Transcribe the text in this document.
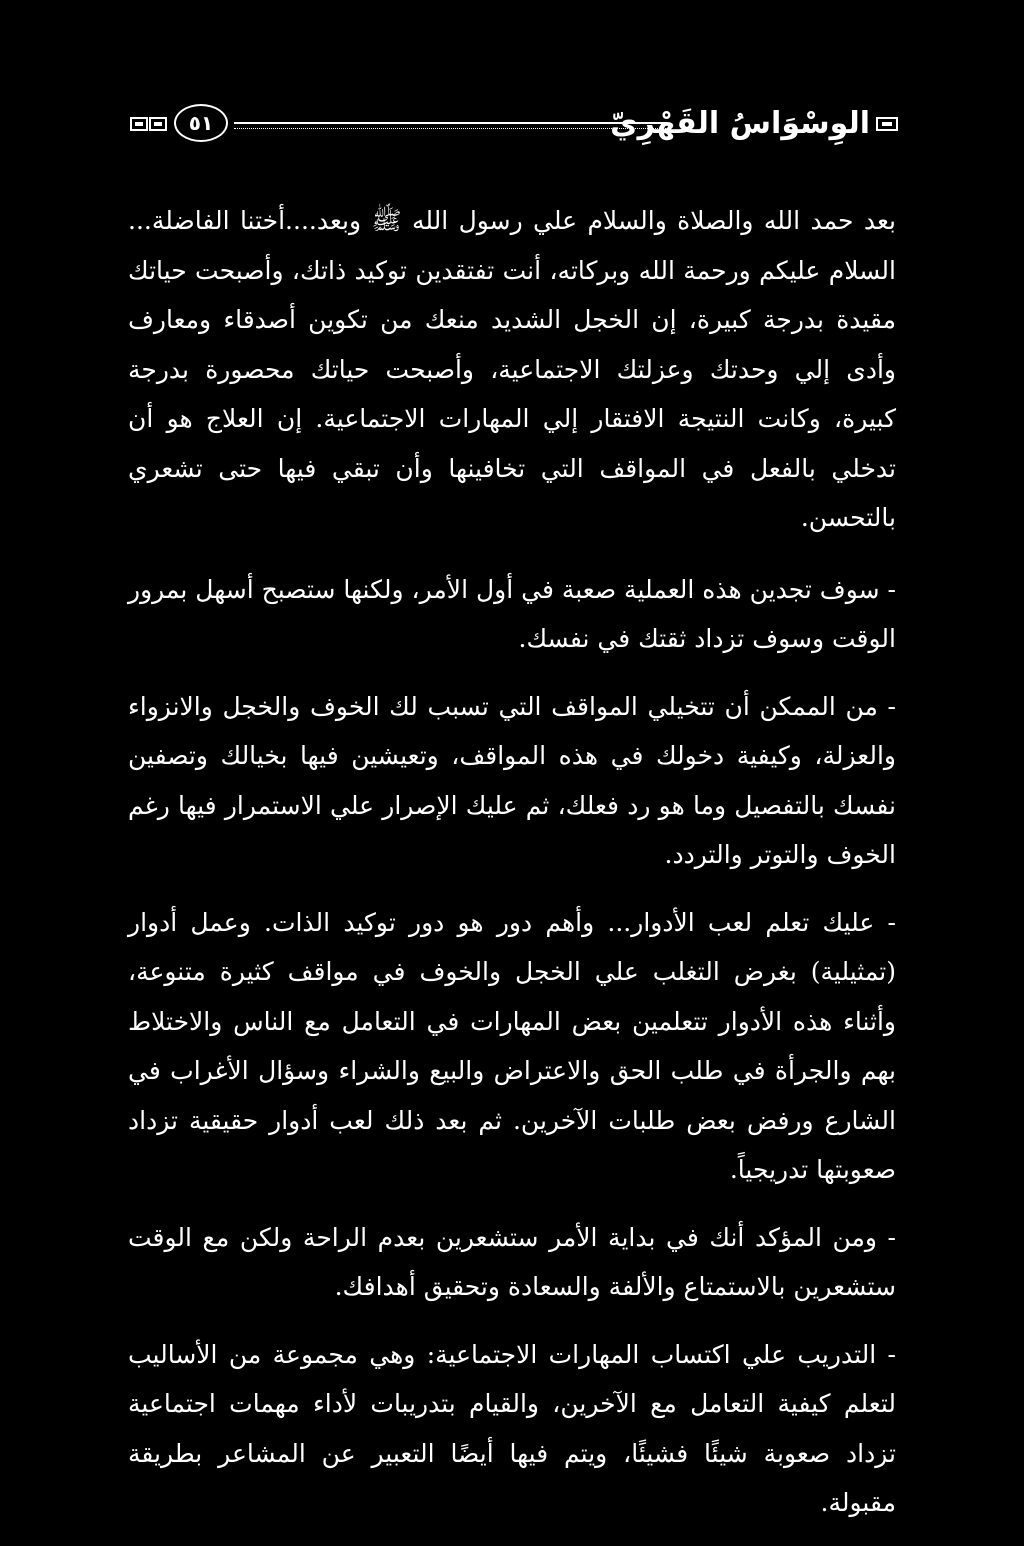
الوِسْوَاسُ القَهْرِيّ
٥١

بعد حمد الله والصلاة والسلام علي رسول الله ﷺ وبعد....أختنا الفاضلة... السلام عليكم ورحمة الله وبركاته، أنت تفتقدين توكيد ذاتك، وأصبحت حياتك مقيدة بدرجة كبيرة، إن الخجل الشديد منعك من تكوين أصدقاء ومعارف وأدى إلي وحدتك وعزلتك الاجتماعية، وأصبحت حياتك محصورة بدرجة كبيرة، وكانت النتيجة الافتقار إلي المهارات الاجتماعية. إن العلاج هو أن تدخلي بالفعل في المواقف التي تخافينها وأن تبقي فيها حتى تشعري بالتحسن.

- سوف تجدين هذه العملية صعبة في أول الأمر، ولكنها ستصبح أسهل بمرور الوقت وسوف تزداد ثقتك في نفسك.

- من الممكن أن تتخيلي المواقف التي تسبب لك الخوف والخجل والانزواء والعزلة، وكيفية دخولك في هذه المواقف، وتعيشين فيها بخيالك وتصفين نفسك بالتفصيل وما هو رد فعلك، ثم عليك الإصرار علي الاستمرار فيها رغم الخوف والتوتر والتردد.

- عليك تعلم لعب الأدوار... وأهم دور هو دور توكيد الذات. وعمل أدوار (تمثيلية) بغرض التغلب علي الخجل والخوف في مواقف كثيرة متنوعة، وأثناء هذه الأدوار تتعلمين بعض المهارات في التعامل مع الناس والاختلاط بهم والجرأة في طلب الحق والاعتراض والبيع والشراء وسؤال الأغراب في الشارع ورفض بعض طلبات الآخرين. ثم بعد ذلك لعب أدوار حقيقية تزداد صعوبتها تدريجياً.

- ومن المؤكد أنك في بداية الأمر ستشعرين بعدم الراحة ولكن مع الوقت ستشعرين بالاستمتاع والألفة والسعادة وتحقيق أهدافك.

- التدريب علي اكتساب المهارات الاجتماعية: وهي مجموعة من الأساليب لتعلم كيفية التعامل مع الآخرين، والقيام بتدريبات لأداء مهمات اجتماعية تزداد صعوبة شيئًا فشيئًا، ويتم فيها أيضًا التعبير عن المشاعر بطريقة مقبولة.
